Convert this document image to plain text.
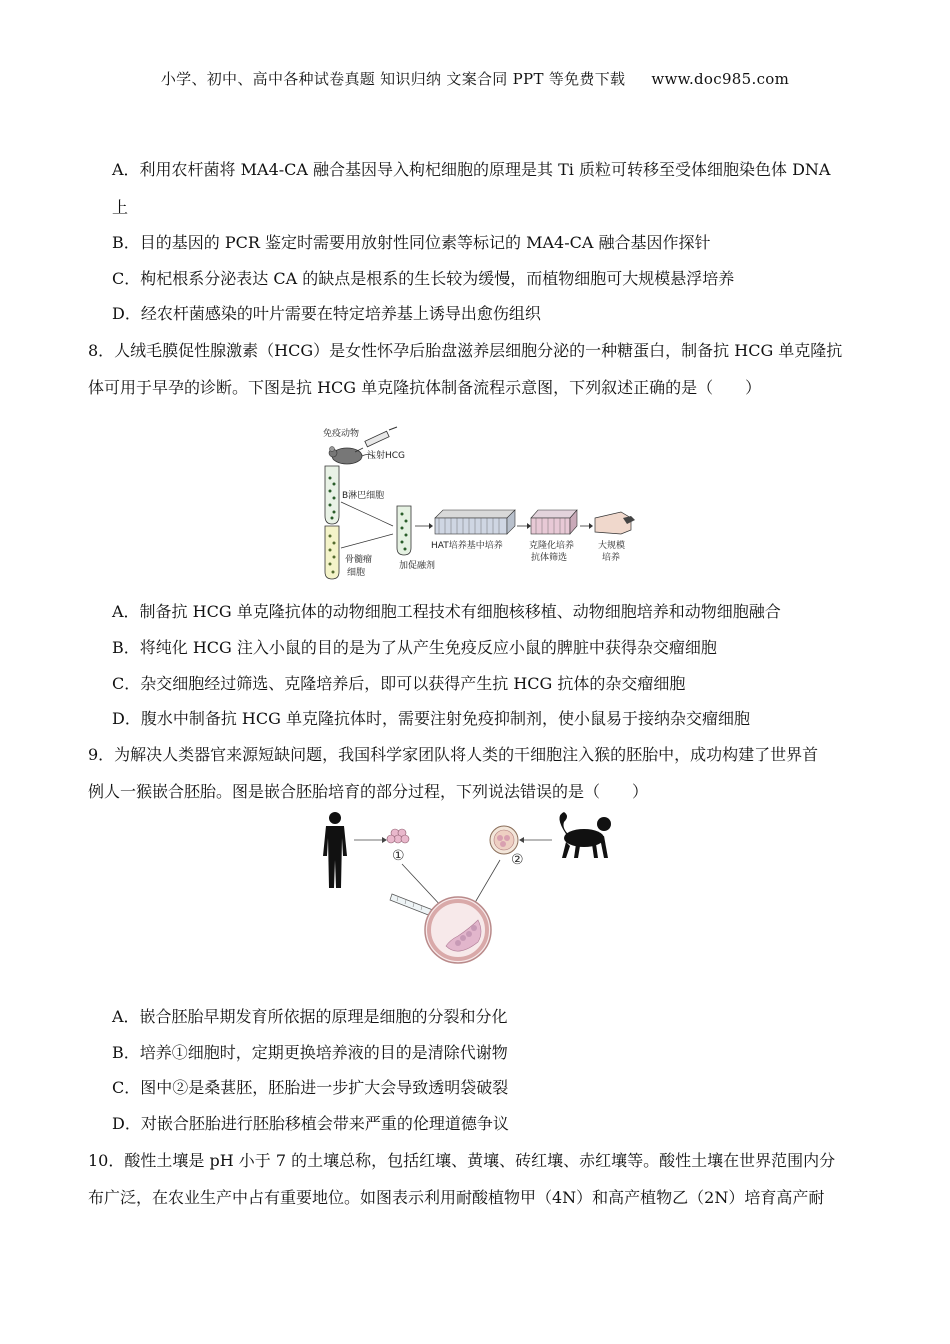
小学、初中、高中各种试卷真题 知识归纳 文案合同 PPT 等免费下载 www.doc985.com
A．利用农杆菌将 MA4-CA 融合基因导入枸杞细胞的原理是其 Ti 质粒可转移至受体细胞染色体 DNA
上
B．目的基因的 PCR 鉴定时需要用放射性同位素等标记的 MA4-CA 融合基因作探针
C．枸杞根系分泌表达 CA 的缺点是根系的生长较为缓慢，而植物细胞可大规模悬浮培养
D．经农杆菌感染的叶片需要在特定培养基上诱导出愈伤组织
8．人绒毛膜促性腺激素（HCG）是女性怀孕后胎盘滋养层细胞分泌的一种糖蛋白，制备抗 HCG 单克隆抗
体可用于早孕的诊断。下图是抗 HCG 单克隆抗体制备流程示意图，下列叙述正确的是（　　）
免疫动物
注射HCG
B淋巴细胞
骨髓瘤
细胞
加促融剂
HAT培养基中培养	克隆化培养
抗体筛选
大规模
培养
A．制备抗 HCG 单克隆抗体的动物细胞工程技术有细胞核移植、动物细胞培养和动物细胞融合
B．将纯化 HCG 注入小鼠的目的是为了从产生免疫反应小鼠的脾脏中获得杂交瘤细胞
C．杂交细胞经过筛选、克隆培养后，即可以获得产生抗 HCG 抗体的杂交瘤细胞
D．腹水中制备抗 HCG 单克隆抗体时，需要注射免疫抑制剂，使小鼠易于接纳杂交瘤细胞
9．为解决人类器官来源短缺问题，我国科学家团队将人类的干细胞注入猴的胚胎中，成功构建了世界首
例人一猴嵌合胚胎。图是嵌合胚胎培育的部分过程，下列说法错误的是（　　）
①	②
A．嵌合胚胎早期发育所依据的原理是细胞的分裂和分化
B．培养①细胞时，定期更换培养液的目的是清除代谢物
C．图中②是桑葚胚，胚胎进一步扩大会导致透明袋破裂
D．对嵌合胚胎进行胚胎移植会带来严重的伦理道德争议
10．酸性土壤是 pH 小于 7 的土壤总称，包括红壤、黄壤、砖红壤、赤红壤等。酸性土壤在世界范围内分
布广泛，在农业生产中占有重要地位。如图表示利用耐酸植物甲（4N）和高产植物乙（2N）培育高产耐
